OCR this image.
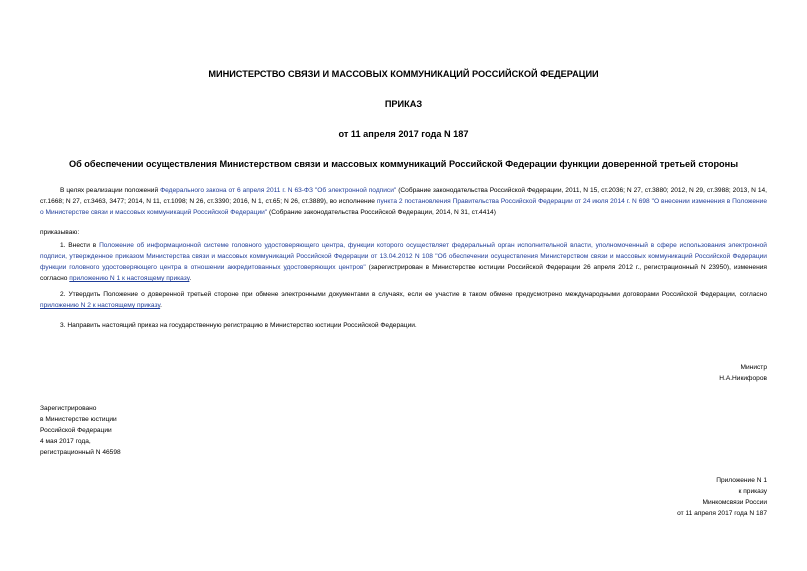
МИНИСТЕРСТВО СВЯЗИ И МАССОВЫХ КОММУНИКАЦИЙ РОССИЙСКОЙ ФЕДЕРАЦИИ
ПРИКАЗ
от 11 апреля 2017 года N 187
Об обеспечении осуществления Министерством связи и массовых коммуникаций Российской Федерации функции доверенной третьей стороны
В целях реализации положений Федерального закона от 6 апреля 2011 г. N 63-ФЗ "Об электронной подписи" (Собрание законодательства Российской Федерации, 2011, N 15, ст.2036; N 27, ст.3880; 2012, N 29, ст.3988; 2013, N 14, ст.1668; N 27, ст.3463, 3477; 2014, N 11, ст.1098; N 26, ст.3390; 2016, N 1, ст.65; N 26, ст.3889), во исполнение пункта 2 постановления Правительства Российской Федерации от 24 июля 2014 г. N 698 "О внесении изменения в Положение о Министерстве связи и массовых коммуникаций Российской Федерации" (Собрание законодательства Российской Федерации, 2014, N 31, ст.4414)
приказываю:
1. Внести в Положение об информационной системе головного удостоверяющего центра, функции которого осуществляет федеральный орган исполнительной власти, уполномоченный в сфере использования электронной подписи, утвержденное приказом Министерства связи и массовых коммуникаций Российской Федерации от 13.04.2012 N 108 "Об обеспечении осуществления Министерством связи и массовых коммуникаций Российской Федерации функции головного удостоверяющего центра в отношении аккредитованных удостоверяющих центров" (зарегистрирован в Министерстве юстиции Российской Федерации 26 апреля 2012 г., регистрационный N 23950), изменения согласно приложению N 1 к настоящему приказу.
2. Утвердить Положение о доверенной третьей стороне при обмене электронными документами в случаях, если ее участие в таком обмене предусмотрено международными договорами Российской Федерации, согласно приложению N 2 к настоящему приказу.
3. Направить настоящий приказ на государственную регистрацию в Министерство юстиции Российской Федерации.
Министр
Н.А.Никифоров
Зарегистрировано
в Министерстве юстиции
Российской Федерации
4 мая 2017 года,
регистрационный N 46598
Приложение N 1
к приказу
Минкомсвязи России
от 11 апреля 2017 года N 187
